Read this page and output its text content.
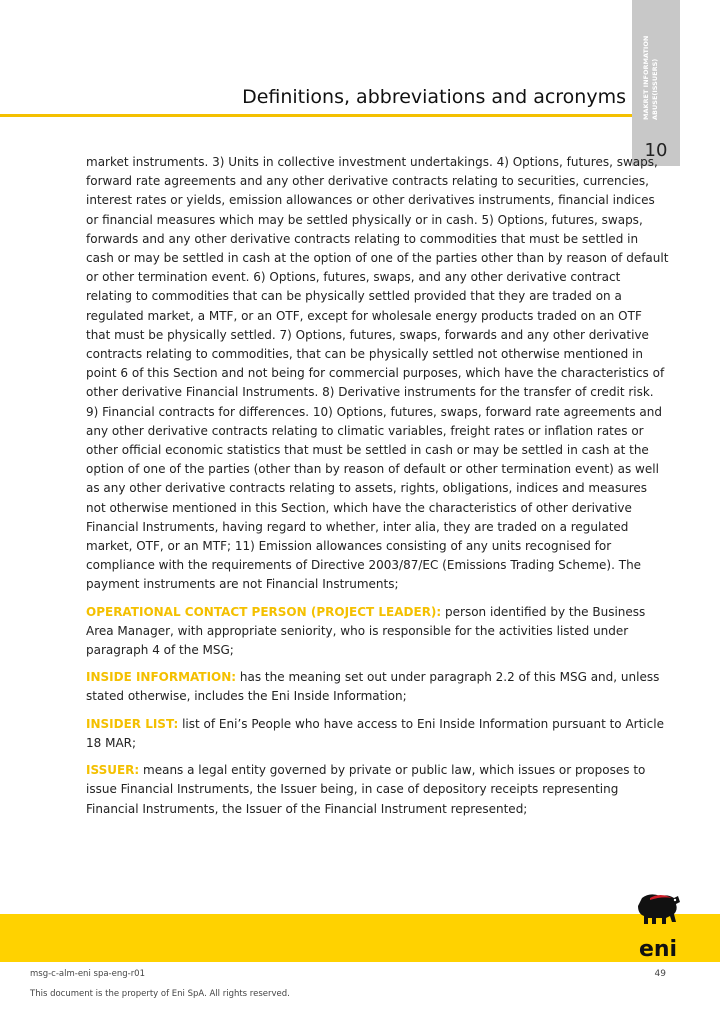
MAKRET INFORMATION ABUSE(ISSUERS)
10
Definitions, abbreviations and acronyms

market instruments. 3) Units in collective investment undertakings. 4) Options, futures, swaps, forward rate agreements and any other derivative contracts relating to securities, currencies, interest rates or yields, emission allowances or other derivatives instruments, financial indices or financial measures which may be settled physically or in cash. 5) Options, futures, swaps, forwards and any other derivative contracts relating to commodities that must be settled in cash or may be settled in cash at the option of one of the parties other than by reason of default or other termination event. 6) Options, futures, swaps, and any other derivative contract relating to commodities that can be physically settled provided that they are traded on a regulated market, a MTF, or an OTF, except for wholesale energy products traded on an OTF that must be physically settled. 7) Options, futures, swaps, forwards and any other derivative contracts relating to commodities, that can be physically settled not otherwise mentioned in point 6 of this Section and not being for commercial purposes, which have the characteristics of other derivative Financial Instruments. 8) Derivative instruments for the transfer of credit risk. 9) Financial contracts for differences. 10) Options, futures, swaps, forward rate agreements and any other derivative contracts relating to climatic variables, freight rates or inflation rates or other official economic statistics that must be settled in cash or may be settled in cash at the option of one of the parties (other than by reason of default or other termination event) as well as any other derivative contracts relating to assets, rights, obligations, indices and measures not otherwise mentioned in this Section, which have the characteristics of other derivative Financial Instruments, having regard to whether, inter alia, they are traded on a regulated market, OTF, or an MTF; 11) Emission allowances consisting of any units recognised for compliance with the requirements of Directive 2003/87/EC (Emissions Trading Scheme). The payment instruments are not Financial Instruments;

OPERATIONAL CONTACT PERSON (PROJECT LEADER): person identified by the Business Area Manager, with appropriate seniority, who is responsible for the activities listed under paragraph 4 of the MSG;

INSIDE INFORMATION: has the meaning set out under paragraph 2.2 of this MSG and, unless stated otherwise, includes the Eni Inside Information;

INSIDER LIST: list of Eni’s People who have access to Eni Inside Information pursuant to Article 18 MAR;

ISSUER: means a legal entity governed by private or public law, which issues or proposes to issue Financial Instruments, the Issuer being, in case of depository receipts representing Financial Instruments, the Issuer of the Financial Instrument represented;

eni
msg-c-alm-eni spa-eng-r01	49
This document is the property of Eni SpA. All rights reserved.
